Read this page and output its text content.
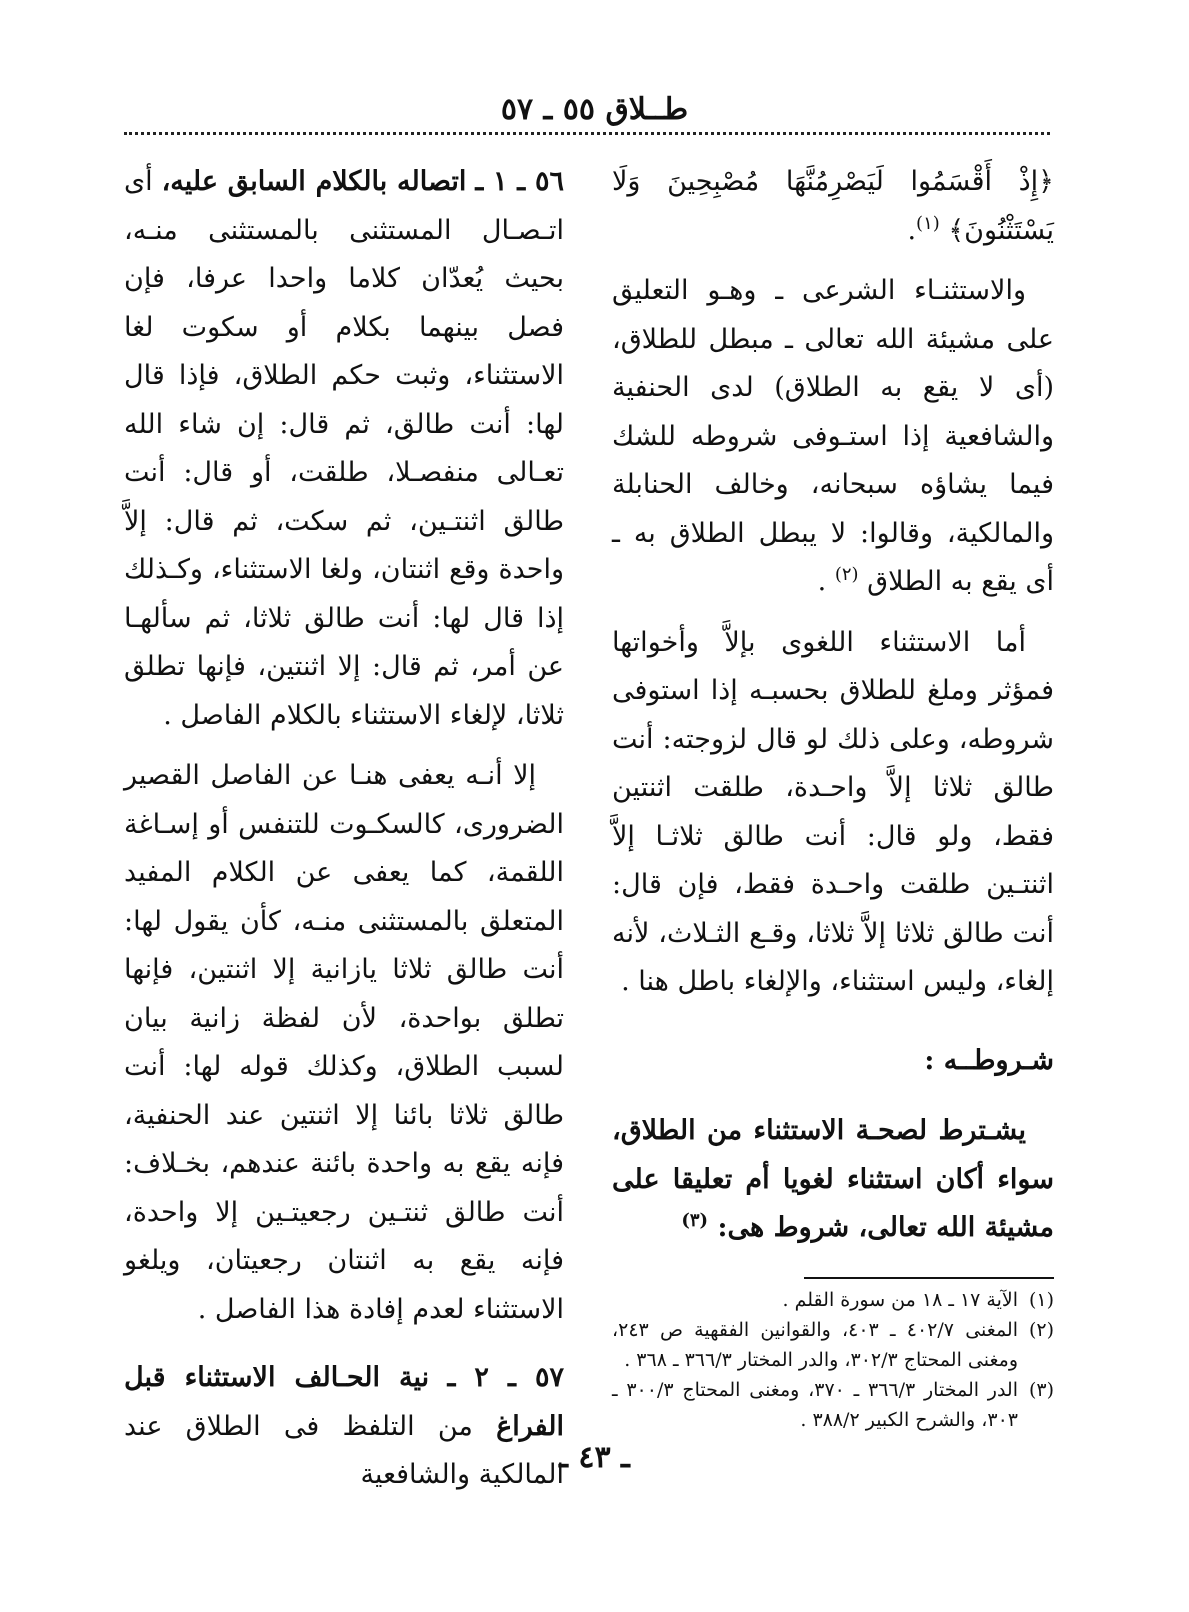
طــلاق ٥٥ ـ ٥٧

﴿إِذْ أَقْسَمُوا لَيَصْرِمُنَّهَا مُصْبِحِينَ وَلَا يَسْتَثْنُونَ﴾ $^{(١)}$.

والاستثنـاء الشرعى ـ وهـو التعليق على مشيئة الله تعالى ـ مبطل للطلاق، (أى لا يقع به الطلاق) لدى الحنفية والشافعية إذا استـوفى شروطه للشك فيما يشاؤه سبحانه، وخالف الحنابلة والمالكية، وقالوا: لا يبطل الطلاق به ـ أى يقع به الطلاق $^{(٢)}$ .

أما الاستثناء اللغوى بإلاَّ وأخواتها فمؤثر وملغ للطلاق بحسبـه إذا استوفى شروطه، وعلى ذلك لو قال لزوجته: أنت طالق ثلاثا إلاَّ واحـدة، طلقت اثنتين فقط، ولو قال: أنت طالق ثلاثـا إلاَّ اثنتـين طلقت واحـدة فقط، فإن قال: أنت طالق ثلاثا إلاَّ ثلاثا، وقـع الثـلاث، لأنه إلغاء، وليس استثناء، والإلغاء باطل هنا .

شـروطــه :

يشـترط لصحـة الاستثناء من الطلاق، سواء أكان استثناء لغويا أم تعليقا على مشيئة الله تعالى، شروط هى: $^{(٣)}$

(١)
الآية ١٧ ـ ١٨ من سورة القلم .
(٢)
المغنى ٤٠٢/٧ ـ ٤٠٣، والقوانين الفقهية ص ٢٤٣، ومغنى المحتاج ٣٠٢/٣، والدر المختار ٣٦٦/٣ ـ ٣٦٨ .
(٣)
الدر المختار ٣٦٦/٣ ـ ٣٧٠، ومغنى المحتاج ٣٠٠/٣ ـ ٣٠٣، والشرح الكبير ٣٨٨/٢ .

٥٦ ـ ١ ـ اتصاله بالكلام السابق عليه، أى اتـصـال المستثنى بالمستثنى منـه، بحيث يُعدّان كلاما واحدا عرفا، فإن فصل بينهما بكلام أو سكوت لغا الاستثناء، وثبت حكم الطلاق، فإذا قال لها: أنت طالق، ثم قال: إن شاء الله تعـالى منفصـلا، طلقت، أو قال: أنت طالق اثنتـين، ثم سكت، ثم قال: إلاَّ واحدة وقع اثنتان، ولغا الاستثناء، وكـذلك إذا قال لها: أنت طالق ثلاثا، ثم سألهـا عن أمر، ثم قال: إلا اثنتين، فإنها تطلق ثلاثا، لإلغاء الاستثناء بالكلام الفاصل .

إلا أنـه يعفى هنـا عن الفاصل القصير الضرورى، كالسكـوت للتنفس أو إسـاغة اللقمة، كما يعفى عن الكلام المفيد المتعلق بالمستثنى منـه، كأن يقول لها: أنت طالق ثلاثا يازانية إلا اثنتين، فإنها تطلق بواحدة، لأن لفظة زانية بيان لسبب الطلاق، وكذلك قوله لها: أنت طالق ثلاثا بائنا إلا اثنتين عند الحنفية، فإنه يقع به واحدة بائنة عندهم، بخـلاف: أنت طالق ثنتـين رجعيتـين إلا واحدة، فإنه يقع به اثنتان رجعيتان، ويلغو الاستثناء لعدم إفادة هذا الفاصل .

٥٧ ـ ٢ ـ نية الحـالف الاستثناء قبل الفراغ من التلفظ فى الطلاق عند المالكية والشافعية

ـ ٤٣ ـ
